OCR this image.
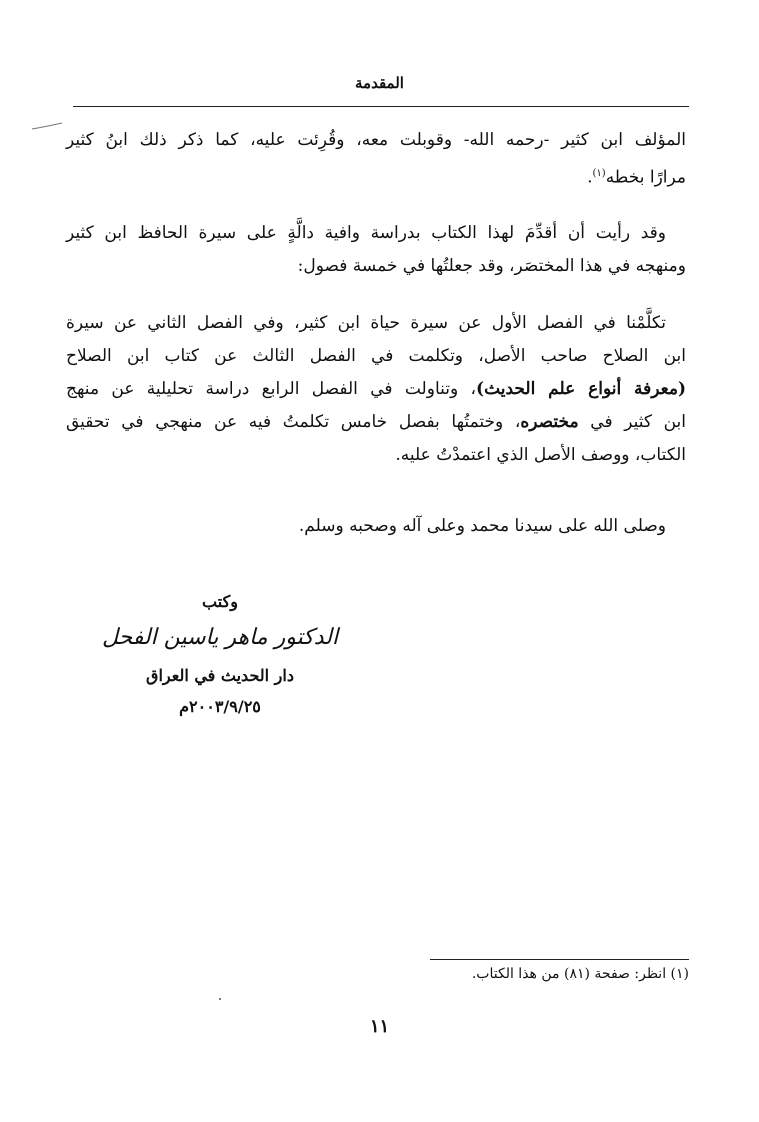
المقدمة
المؤلف ابن كثير -رحمه الله- وقوبلت معه، وقُرِئت عليه، كما ذكر ذلك ابنُ كثير
مرارًا بخطه$^{(١)}$.
وقد رأيت أن أقدِّمَ لهذا الكتاب بدراسة وافية دالَّةٍ على سيرة الحافظ ابن كثير
ومنهجه في هذا المختصَر، وقد جعلتُها في خمسة فصول:
تكلَّمْنا في الفصل الأول عن سيرة حياة ابن كثير، وفي الفصل الثاني عن سيرة
ابن الصلاح صاحب الأصل، وتكلمت في الفصل الثالث عن كتاب ابن الصلاح
(معرفة أنواع علم الحديث)، وتناولت في الفصل الرابع دراسة تحليلية عن منهج
ابن كثير في مختصره، وختمتُها بفصل خامس تكلمتُ فيه عن منهجي في تحقيق
الكتاب، ووصف الأصل الذي اعتمدْتُ عليه.
وصلى الله على سيدنا محمد وعلى آله وصحبه وسلم.
وكتب
الدكتور ماهر ياسين الفحل
دار الحديث في العراق
٢٠٠٣/٩/٢٥م
(١) انظر: صفحة (٨١) من هذا الكتاب.
١١
